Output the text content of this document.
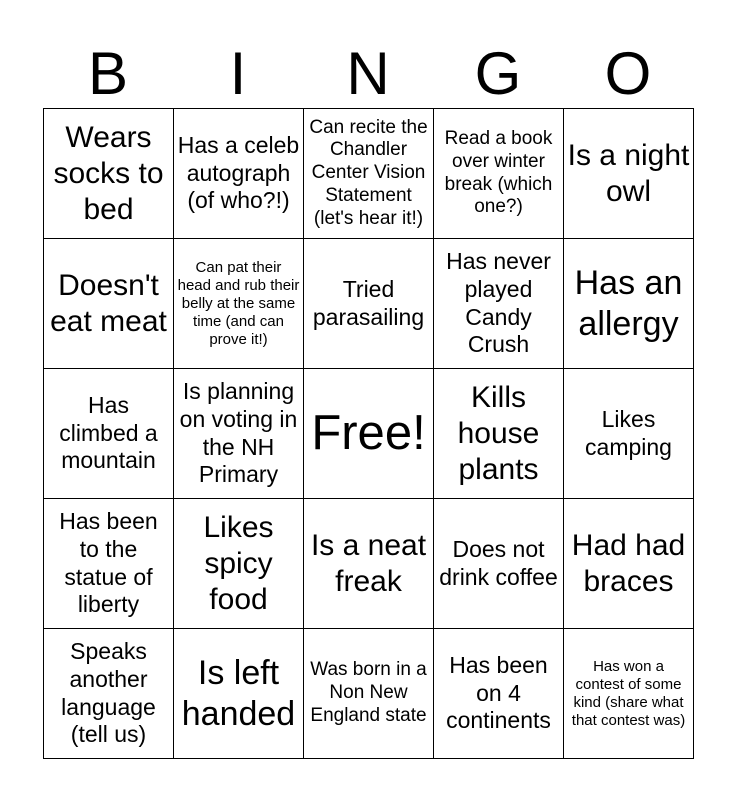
B	I	N	G	O
Wears socks to bed	Has a celeb autograph (of who?!)	Can recite the Chandler Center Vision Statement (let's hear it!)	Read a book over winter break (which one?)	Is a night owl
Doesn't eat meat	Can pat their head and rub their belly at the same time (and can prove it!)	Tried parasailing	Has never played Candy Crush	Has an allergy
Has climbed a mountain	Is planning on voting in the NH Primary	Free!	Kills house plants	Likes camping
Has been to the statue of liberty	Likes spicy food	Is a neat freak	Does not drink coffee	Had had braces
Speaks another language (tell us)	Is left handed	Was born in a Non New England state	Has been on 4 continents	Has won a contest of some kind (share what that contest was)
